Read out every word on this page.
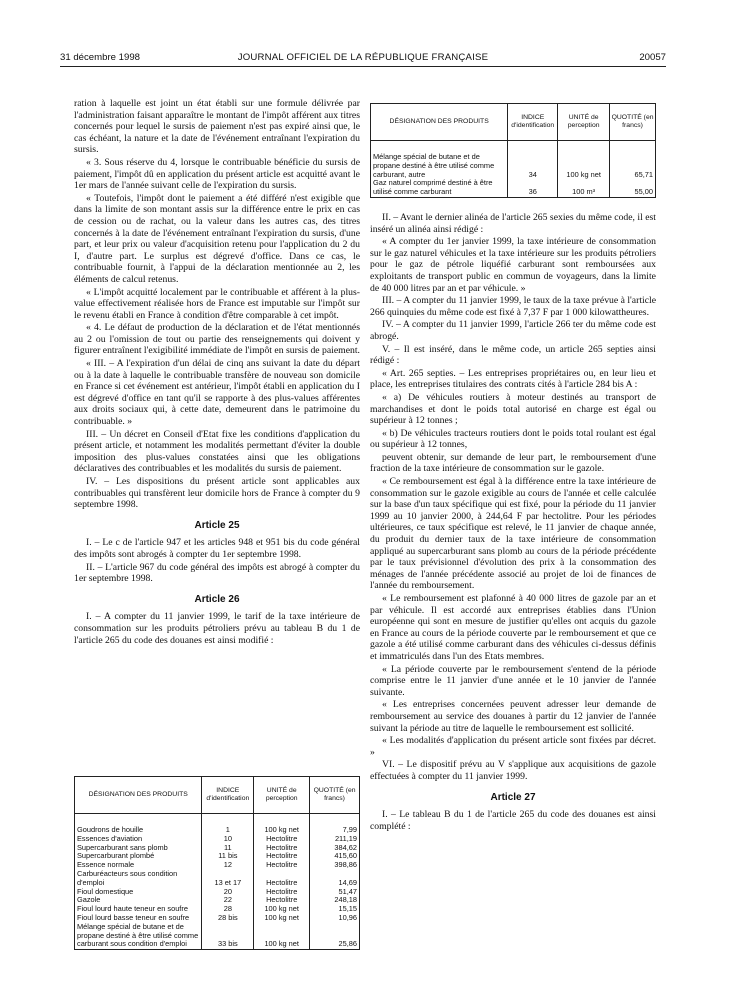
31 décembre 1998	JOURNAL OFFICIEL DE LA RÉPUBLIQUE FRANÇAISE	20057
DÉSIGNATION DES PRODUITS	INDICE d'identification	UNITÉ de perception	QUOTITÉ (en francs)

Mélange spécial de butane et de propane destiné à être utilisé comme carburant, autre	34	100 kg net	65,71
Gaz naturel comprimé destiné à être utilisé comme carburant	36	100 m³	55,00

ration à laquelle est joint un état établi sur une formule délivrée par l'administration faisant apparaître le montant de l'impôt afférent aux titres concernés pour lequel le sursis de paiement n'est pas expiré ainsi que, le cas échéant, la nature et la date de l'événement entraînant l'expiration du sursis.

« 3. Sous réserve du 4, lorsque le contribuable bénéficie du sursis de paiement, l'impôt dû en application du présent article est acquitté avant le 1er mars de l'année suivant celle de l'expiration du sursis.

« Toutefois, l'impôt dont le paiement a été différé n'est exigible que dans la limite de son montant assis sur la différence entre le prix en cas de cession ou de rachat, ou la valeur dans les autres cas, des titres concernés à la date de l'événement entraînant l'expiration du sursis, d'une part, et leur prix ou valeur d'acquisition retenu pour l'application du 2 du I, d'autre part. Le surplus est dégrevé d'office. Dans ce cas, le contribuable fournit, à l'appui de la déclaration mentionnée au 2, les éléments de calcul retenus.

« L'impôt acquitté localement par le contribuable et afférent à la plus-value effectivement réalisée hors de France est imputable sur l'impôt sur le revenu établi en France à condition d'être comparable à cet impôt.

« 4. Le défaut de production de la déclaration et de l'état mentionnés au 2 ou l'omission de tout ou partie des renseignements qui doivent y figurer entraînent l'exigibilité immédiate de l'impôt en sursis de paiement.

« III. – A l'expiration d'un délai de cinq ans suivant la date du départ ou à la date à laquelle le contribuable transfère de nouveau son domicile en France si cet événement est antérieur, l'impôt établi en application du I est dégrevé d'office en tant qu'il se rapporte à des plus-values afférentes aux droits sociaux qui, à cette date, demeurent dans le patrimoine du contribuable. »

III. – Un décret en Conseil d'Etat fixe les conditions d'application du présent article, et notamment les modalités permettant d'éviter la double imposition des plus-values constatées ainsi que les obligations déclaratives des contribuables et les modalités du sursis de paiement.

IV. – Les dispositions du présent article sont applicables aux contribuables qui transfèrent leur domicile hors de France à compter du 9 septembre 1998.

Article 25

I. – Le c de l'article 947 et les articles 948 et 951 bis du code général des impôts sont abrogés à compter du 1er septembre 1998.

II. – L'article 967 du code général des impôts est abrogé à compter du 1er septembre 1998.

Article 26

I. – A compter du 11 janvier 1999, le tarif de la taxe intérieure de consommation sur les produits pétroliers prévu au tableau B du 1 de l'article 265 du code des douanes est ainsi modifié :

DÉSIGNATION DES PRODUITS	INDICE d'identification	UNITÉ de perception	QUOTITÉ (en francs)

Goudrons de houille	1	100 kg net	7,99
Essences d'aviation	10	Hectolitre	211,19
Supercarburant sans plomb	11	Hectolitre	384,62
Supercarburant plombé	11 bis	Hectolitre	415,60
Essence normale	12	Hectolitre	398,86
Carburéacteurs sous condition d'emploi	13 et 17	Hectolitre	14,69
Fioul domestique	20	Hectolitre	51,47
Gazole	22	Hectolitre	248,18
Fioul lourd haute teneur en soufre	28	100 kg net	15,15
Fioul lourd basse teneur en soufre	28 bis	100 kg net	10,96
Mélange spécial de butane et de propane destiné à être utilisé comme carburant sous condition d'emploi	33 bis	100 kg net	25,86

II. – Avant le dernier alinéa de l'article 265 sexies du même code, il est inséré un alinéa ainsi rédigé :

« A compter du 1er janvier 1999, la taxe intérieure de consommation sur le gaz naturel véhicules et la taxe intérieure sur les produits pétroliers pour le gaz de pétrole liquéfié carburant sont remboursées aux exploitants de transport public en commun de voyageurs, dans la limite de 40 000 litres par an et par véhicule. »

III. – A compter du 11 janvier 1999, le taux de la taxe prévue à l'article 266 quinquies du même code est fixé à 7,37 F par 1 000 kilowattheures.

IV. – A compter du 11 janvier 1999, l'article 266 ter du même code est abrogé.

V. – Il est inséré, dans le même code, un article 265 septies ainsi rédigé :

« Art. 265 septies. – Les entreprises propriétaires ou, en leur lieu et place, les entreprises titulaires des contrats cités à l'article 284 bis A :

« a) De véhicules routiers à moteur destinés au transport de marchandises et dont le poids total autorisé en charge est égal ou supérieur à 12 tonnes ;

« b) De véhicules tracteurs routiers dont le poids total roulant est égal ou supérieur à 12 tonnes,

peuvent obtenir, sur demande de leur part, le remboursement d'une fraction de la taxe intérieure de consommation sur le gazole.

« Ce remboursement est égal à la différence entre la taxe intérieure de consommation sur le gazole exigible au cours de l'année et celle calculée sur la base d'un taux spécifique qui est fixé, pour la période du 11 janvier 1999 au 10 janvier 2000, à 244,64 F par hectolitre. Pour les périodes ultérieures, ce taux spécifique est relevé, le 11 janvier de chaque année, du produit du dernier taux de la taxe intérieure de consommation appliqué au supercarburant sans plomb au cours de la période précédente par le taux prévisionnel d'évolution des prix à la consommation des ménages de l'année précédente associé au projet de loi de finances de l'année du remboursement.

« Le remboursement est plafonné à 40 000 litres de gazole par an et par véhicule. Il est accordé aux entreprises établies dans l'Union européenne qui sont en mesure de justifier qu'elles ont acquis du gazole en France au cours de la période couverte par le remboursement et que ce gazole a été utilisé comme carburant dans des véhicules ci-dessus définis et immatriculés dans l'un des Etats membres.

« La période couverte par le remboursement s'entend de la période comprise entre le 11 janvier d'une année et le 10 janvier de l'année suivante.

« Les entreprises concernées peuvent adresser leur demande de remboursement au service des douanes à partir du 12 janvier de l'année suivant la période au titre de laquelle le remboursement est sollicité.

« Les modalités d'application du présent article sont fixées par décret. »

VI. – Le dispositif prévu au V s'applique aux acquisitions de gazole effectuées à compter du 11 janvier 1999.

Article 27

I. – Le tableau B du 1 de l'article 265 du code des douanes est ainsi complété :
